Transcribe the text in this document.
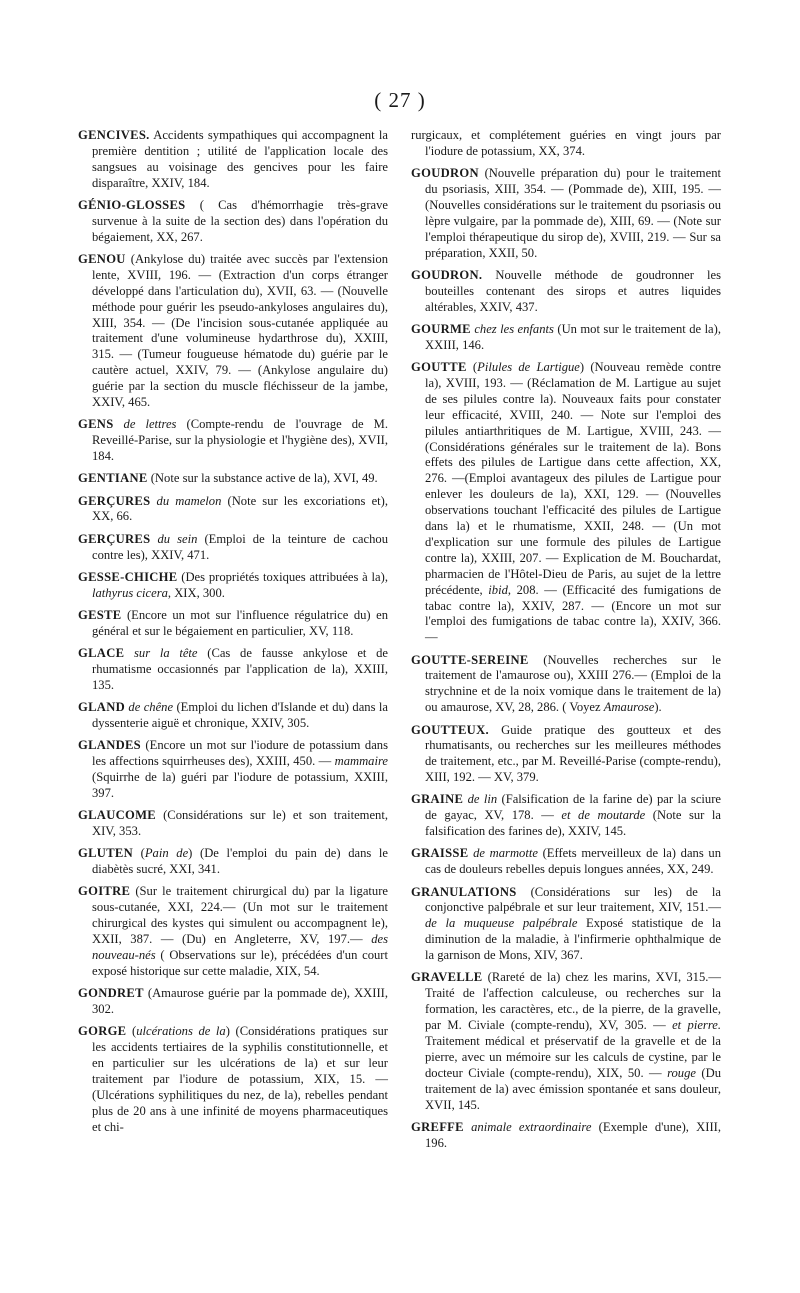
( 27 )

GENCIVES. Accidents sympathiques qui accompagnent la première dentition ; utilité de l'application locale des sangsues au voisinage des gencives pour les faire disparaître, XXIV, 184.

GÉNIO-GLOSSES ( Cas d'hémorrhagie très-grave survenue à la suite de la section des) dans l'opération du bégaiement, XX, 267.

GENOU (Ankylose du) traitée avec succès par l'extension lente, XVIII, 196. — (Extraction d'un corps étranger développé dans l'articulation du), XVII, 63. — (Nouvelle méthode pour guérir les pseudo-ankyloses angulaires du), XIII, 354. — (De l'incision sous-cutanée appliquée au traitement d'une volumineuse hydarthrose du), XXIII, 315. — (Tumeur fougueuse hématode du) guérie par le cautère actuel, XXIV, 79. — (Ankylose angulaire du) guérie par la section du muscle fléchisseur de la jambe, XXIV, 465.

GENS de lettres (Compte-rendu de l'ouvrage de M. Reveillé-Parise, sur la physiologie et l'hygiène des), XVII, 184.

GENTIANE (Note sur la substance active de la), XVI, 49.

GERÇURES du mamelon (Note sur les excoriations et), XX, 66.

GERÇURES du sein (Emploi de la teinture de cachou contre les), XXIV, 471.

GESSE-CHICHE (Des propriétés toxiques attribuées à la), lathyrus cicera, XIX, 300.

GESTE (Encore un mot sur l'influence régulatrice du) en général et sur le bégaiement en particulier, XV, 118.

GLACE sur la tête (Cas de fausse ankylose et de rhumatisme occasionnés par l'application de la), XXIII, 135.

GLAND de chêne (Emploi du lichen d'Islande et du) dans la dyssenterie aiguë et chronique, XXIV, 305.

GLANDES (Encore un mot sur l'iodure de potassium dans les affections squirrheuses des), XXIII, 450. — mammaire (Squirrhe de la) guéri par l'iodure de potassium, XXIII, 397.

GLAUCOME (Considérations sur le) et son traitement, XIV, 353.

GLUTEN (Pain de) (De l'emploi du pain de) dans le diabètès sucré, XXI, 341.

GOITRE (Sur le traitement chirurgical du) par la ligature sous-cutanée, XXI, 224.— (Un mot sur le traitement chirurgical des kystes qui simulent ou accompagnent le), XXII, 387. — (Du) en Angleterre, XV, 197.— des nouveau-nés ( Observations sur le), précédées d'un court exposé historique sur cette maladie, XIX, 54.

GONDRET (Amaurose guérie par la pommade de), XXIII, 302.

GORGE (ulcérations de la) (Considérations pratiques sur les accidents tertiaires de la syphilis constitutionnelle, et en particulier sur les ulcérations de la) et sur leur traitement par l'iodure de potassium, XIX, 15. — (Ulcérations syphilitiques du nez, de la), rebelles pendant plus de 20 ans à une infinité de moyens pharmaceutiques et chi-

rurgicaux, et complétement guéries en vingt jours par l'iodure de potassium, XX, 374.

GOUDRON (Nouvelle préparation du) pour le traitement du psoriasis, XIII, 354. — (Pommade de), XIII, 195. — (Nouvelles considérations sur le traitement du psoriasis ou lèpre vulgaire, par la pommade de), XIII, 69. — (Note sur l'emploi thérapeutique du sirop de), XVIII, 219. — Sur sa préparation, XXII, 50.

GOUDRON. Nouvelle méthode de goudronner les bouteilles contenant des sirops et autres liquides altérables, XXIV, 437.

GOURME chez les enfants (Un mot sur le traitement de la), XXIII, 146.

GOUTTE (Pilules de Lartigue) (Nouveau remède contre la), XVIII, 193. — (Réclamation de M. Lartigue au sujet de ses pilules contre la). Nouveaux faits pour constater leur efficacité, XVIII, 240. — Note sur l'emploi des pilules antiarthritiques de M. Lartigue, XVIII, 243. — (Considérations générales sur le traitement de la). Bons effets des pilules de Lartigue dans cette affection, XX, 276. —(Emploi avantageux des pilules de Lartigue pour enlever les douleurs de la), XXI, 129. — (Nouvelles observations touchant l'efficacité des pilules de Lartigue dans la) et le rhumatisme, XXII, 248. — (Un mot d'explication sur une formule des pilules de Lartigue contre la), XXIII, 207. — Explication de M. Bouchardat, pharmacien de l'Hôtel-Dieu de Paris, au sujet de la lettre précédente, ibid, 208. — (Efficacité des fumigations de tabac contre la), XXIV, 287. — (Encore un mot sur l'emploi des fumigations de tabac contre la), XXIV, 366. —

GOUTTE-SEREINE (Nouvelles recherches sur le traitement de l'amaurose ou), XXIII 276.— (Emploi de la strychnine et de la noix vomique dans le traitement de la) ou amaurose, XV, 28, 286. ( Voyez Amaurose).

GOUTTEUX. Guide pratique des goutteux et des rhumatisants, ou recherches sur les meilleures méthodes de traitement, etc., par M. Reveillé-Parise (compte-rendu), XIII, 192. — XV, 379.

GRAINE de lin (Falsification de la farine de) par la sciure de gayac, XV, 178. — et de moutarde (Note sur la falsification des farines de), XXIV, 145.

GRAISSE de marmotte (Effets merveilleux de la) dans un cas de douleurs rebelles depuis longues années, XX, 249.

GRANULATIONS (Considérations sur les) de la conjonctive palpébrale et sur leur traitement, XIV, 151.— de la muqueuse palpébrale Exposé statistique de la diminution de la maladie, à l'infirmerie ophthalmique de la garnison de Mons, XIV, 367.

GRAVELLE (Rareté de la) chez les marins, XVI, 315.—Traité de l'affection calculeuse, ou recherches sur la formation, les caractères, etc., de la pierre, de la gravelle, par M. Civiale (compte-rendu), XV, 305. — et pierre. Traitement médical et préservatif de la gravelle et de la pierre, avec un mémoire sur les calculs de cystine, par le docteur Civiale (compte-rendu), XIX, 50. — rouge (Du traitement de la) avec émission spontanée et sans douleur, XVII, 145.

GREFFE animale extraordinaire (Exemple d'une), XIII, 196.
